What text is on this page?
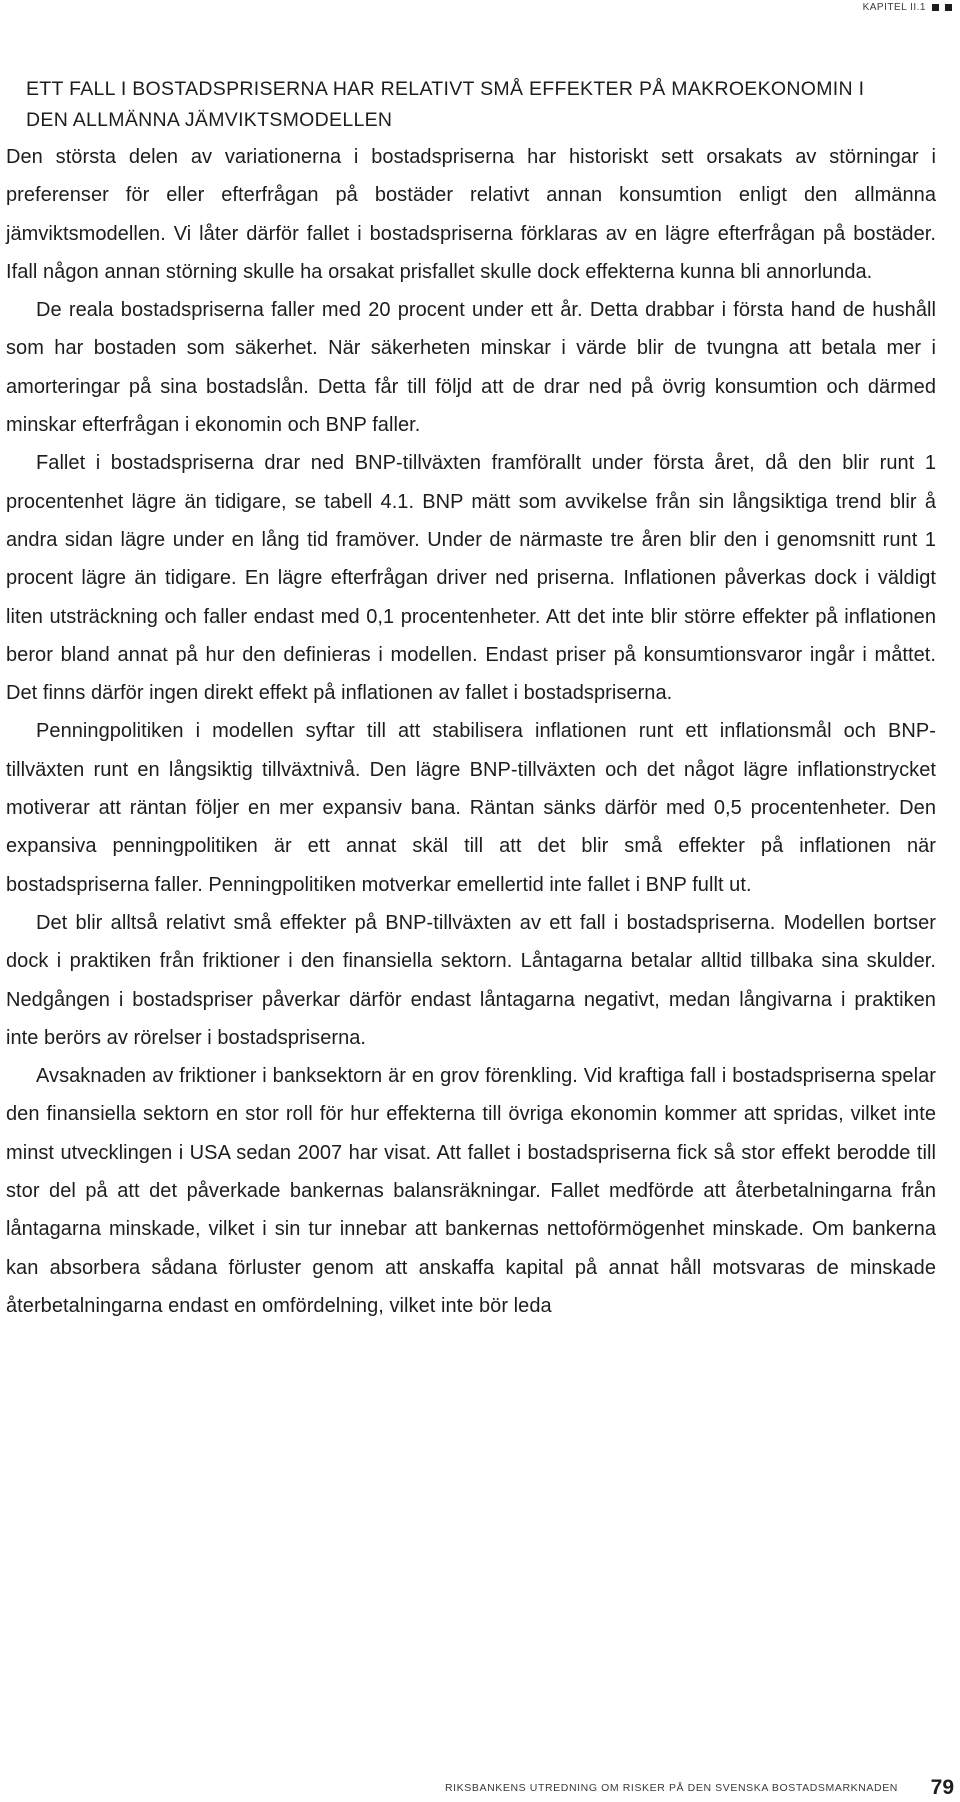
KAPITEL II.1
ETT FALL I BOSTADSPRISERNA HAR RELATIVT SMÅ EFFEKTER PÅ MAKROEKONOMIN I
DEN ALLMÄNNA JÄMVIKTSMODELLEN

Den största delen av variationerna i bostadspriserna har historiskt sett orsakats av störningar i preferenser för eller efterfrågan på bostäder relativt annan konsumtion enligt den allmänna jämviktsmodellen. Vi låter därför fallet i bostadspriserna förklaras av en lägre efterfrågan på bostäder. Ifall någon annan störning skulle ha orsakat prisfallet skulle dock effekterna kunna bli annorlunda.

De reala bostadspriserna faller med 20 procent under ett år. Detta drabbar i första hand de hushåll som har bostaden som säkerhet. När säkerheten minskar i värde blir de tvungna att betala mer i amorteringar på sina bostadslån. Detta får till följd att de drar ned på övrig konsumtion och därmed minskar efterfrågan i ekonomin och BNP faller.

Fallet i bostadspriserna drar ned BNP-tillväxten framförallt under första året, då den blir runt 1 procentenhet lägre än tidigare, se tabell 4.1. BNP mätt som avvikelse från sin långsiktiga trend blir å andra sidan lägre under en lång tid framöver. Under de närmaste tre åren blir den i genomsnitt runt 1 procent lägre än tidigare. En lägre efterfrågan driver ned priserna. Inflationen påverkas dock i väldigt liten utsträckning och faller endast med 0,1 procentenheter. Att det inte blir större effekter på inflationen beror bland annat på hur den definieras i modellen. Endast priser på konsumtionsvaror ingår i måttet. Det finns därför ingen direkt effekt på inflationen av fallet i bostadspriserna.

Penningpolitiken i modellen syftar till att stabilisera inflationen runt ett inflationsmål och BNP-tillväxten runt en långsiktig tillväxtnivå. Den lägre BNP-tillväxten och det något lägre inflationstrycket motiverar att räntan följer en mer expansiv bana. Räntan sänks därför med 0,5 procentenheter. Den expansiva penningpolitiken är ett annat skäl till att det blir små effekter på inflationen när bostadspriserna faller. Penningpolitiken motverkar emellertid inte fallet i BNP fullt ut.

Det blir alltså relativt små effekter på BNP-tillväxten av ett fall i bostadspriserna. Modellen bortser dock i praktiken från friktioner i den finansiella sektorn. Låntagarna betalar alltid tillbaka sina skulder. Nedgången i bostadspriser påverkar därför endast låntagarna negativt, medan långivarna i praktiken inte berörs av rörelser i bostadspriserna.

Avsaknaden av friktioner i banksektorn är en grov förenkling. Vid kraftiga fall i bostadspriserna spelar den finansiella sektorn en stor roll för hur effekterna till övriga ekonomin kommer att spridas, vilket inte minst utvecklingen i USA sedan 2007 har visat. Att fallet i bostadspriserna fick så stor effekt berodde till stor del på att det påverkade bankernas balansräkningar. Fallet medförde att återbetalningarna från låntagarna minskade, vilket i sin tur innebar att bankernas nettoförmögenhet minskade. Om bankerna kan absorbera sådana förluster genom att anskaffa kapital på annat håll motsvaras de minskade återbetalningarna endast en omfördelning, vilket inte bör leda

RIKSBANKENS UTREDNING OM RISKER PÅ DEN SVENSKA BOSTADSMARKNADEN 79
